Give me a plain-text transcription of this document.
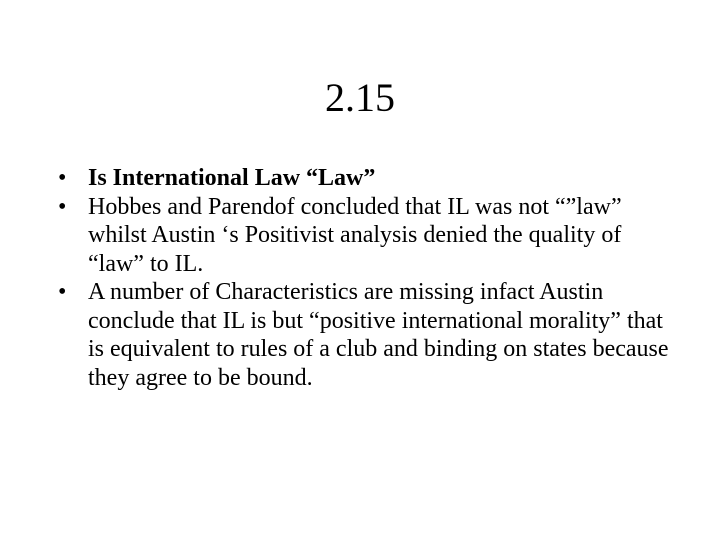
2.15
• Is International Law “Law”
• Hobbes and Parendof concluded that IL was not “”law” whilst Austin ‘s Positivist analysis denied the quality of “law” to IL.
• A number of Characteristics are missing infact Austin conclude that IL is but “positive international morality” that is equivalent to rules of a club and binding on states because they agree to be bound.
